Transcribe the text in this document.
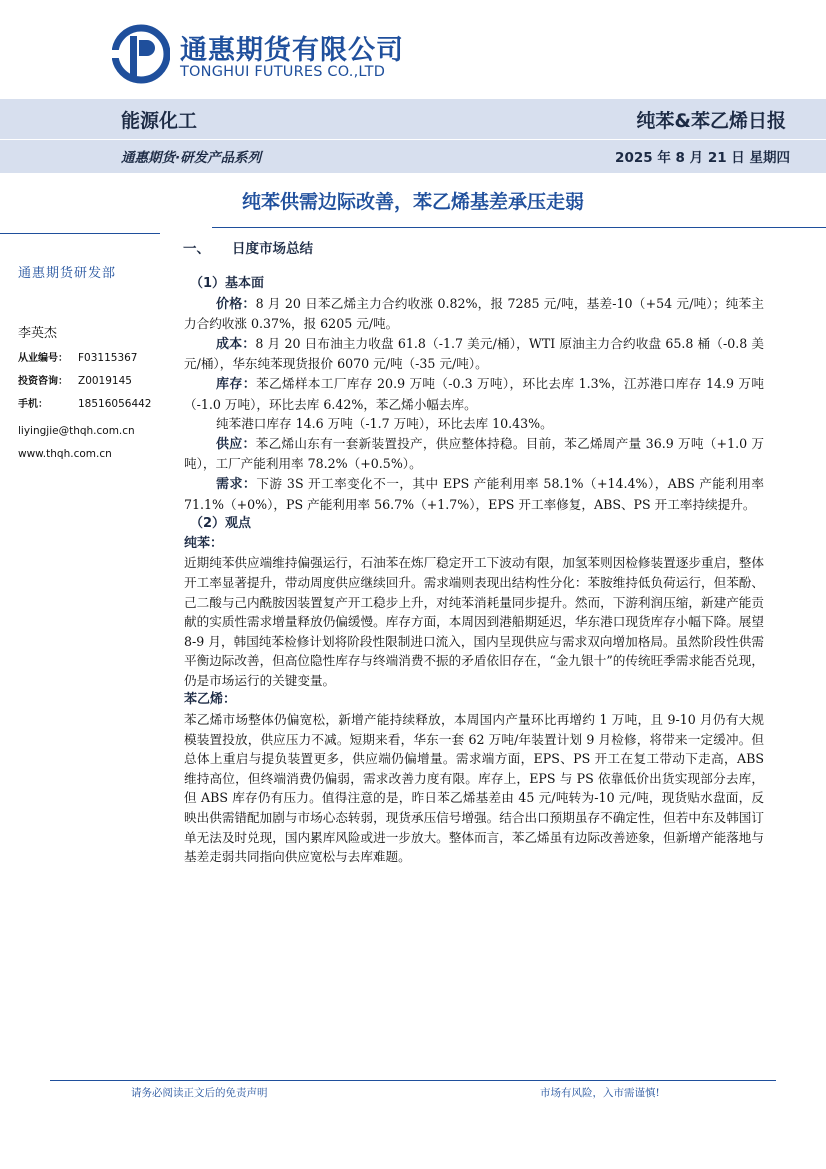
通惠期货有限公司
TONGHUI FUTURES CO.,LTD
能源化工	纯苯&苯乙烯日报
通惠期货·研发产品系列	2025 年 8 月 21 日 星期四
纯苯供需边际改善，苯乙烯基差承压走弱
一、 日度市场总结
通惠期货研发部
李英杰
从业编号： F03115367
投资咨询： Z0019145
手机：	18516056442
liyingjie@thqh.com.cn
www.thqh.com.cn

（1）基本面

价格：8 月 20 日苯乙烯主力合约收涨 0.82%，报 7285 元/吨，基差-10（+54 元/吨）；纯苯主力合约收涨 0.37%，报 6205 元/吨。

成本：8 月 20 日布油主力收盘 61.8（-1.7 美元/桶），WTI 原油主力合约收盘 65.8 桶（-0.8 美元/桶），华东纯苯现货报价 6070 元/吨（-35 元/吨）。

库存：苯乙烯样本工厂库存 20.9 万吨（-0.3 万吨），环比去库 1.3%，江苏港口库存 14.9 万吨（-1.0 万吨），环比去库 6.42%，苯乙烯小幅去库。

纯苯港口库存 14.6 万吨（-1.7 万吨），环比去库 10.43%。

供应：苯乙烯山东有一套新装置投产，供应整体持稳。目前，苯乙烯周产量 36.9 万吨（+1.0 万吨），工厂产能利用率 78.2%（+0.5%）。

需求：下游 3S 开工率变化不一，其中 EPS 产能利用率 58.1%（+14.4%），ABS 产能利用率 71.1%（+0%），PS 产能利用率 56.7%（+1.7%），EPS 开工率修复，ABS、PS 开工率持续提升。

（2）观点

纯苯：

近期纯苯供应端维持偏强运行，石油苯在炼厂稳定开工下波动有限，加氢苯则因检修装置逐步重启，整体开工率显著提升，带动周度供应继续回升。需求端则表现出结构性分化：苯胺维持低负荷运行，但苯酚、己二酸与己内酰胺因装置复产开工稳步上升，对纯苯消耗量同步提升。然而，下游利润压缩，新建产能贡献的实质性需求增量释放仍偏缓慢。库存方面，本周因到港船期延迟，华东港口现货库存小幅下降。展望 8-9 月，韩国纯苯检修计划将阶段性限制进口流入，国内呈现供应与需求双向增加格局。虽然阶段性供需平衡边际改善，但高位隐性库存与终端消费不振的矛盾依旧存在，“金九银十”的传统旺季需求能否兑现，仍是市场运行的关键变量。

苯乙烯：

苯乙烯市场整体仍偏宽松，新增产能持续释放，本周国内产量环比再增约 1 万吨，且 9-10 月仍有大规模装置投放，供应压力不减。短期来看，华东一套 62 万吨/年装置计划 9 月检修，将带来一定缓冲。但总体上重启与提负装置更多，供应端仍偏增量。需求端方面，EPS、PS 开工在复工带动下走高，ABS 维持高位，但终端消费仍偏弱，需求改善力度有限。库存上，EPS 与 PS 依靠低价出货实现部分去库，但 ABS 库存仍有压力。值得注意的是，昨日苯乙烯基差由 45 元/吨转为-10 元/吨，现货贴水盘面，反映出供需错配加剧与市场心态转弱，现货承压信号增强。结合出口预期虽存不确定性，但若中东及韩国订单无法及时兑现，国内累库风险或进一步放大。整体而言，苯乙烯虽有边际改善迹象，但新增产能落地与基差走弱共同指向供应宽松与去库难题。

请务必阅读正文后的免责声明	市场有风险，入市需谨慎!
